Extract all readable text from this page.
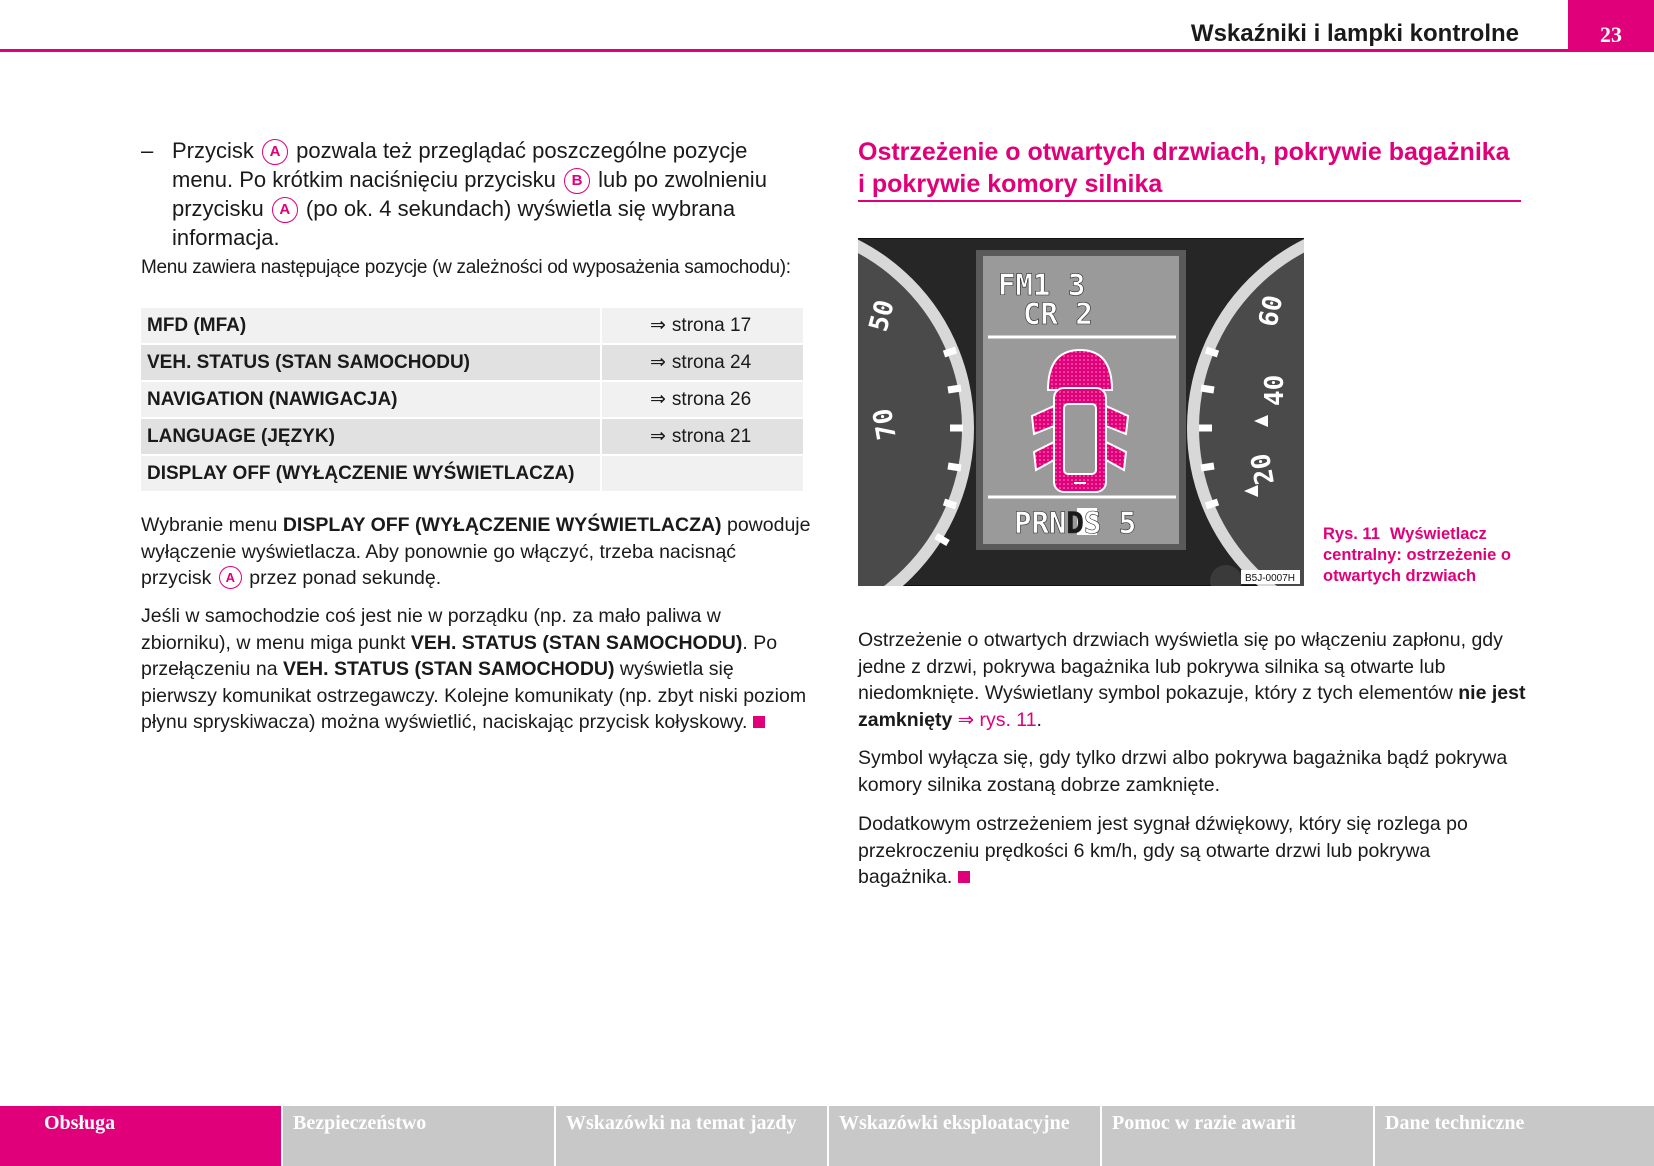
Wskaźniki i lampki kontrolne	23
– Przycisk A pozwala też przeglądać poszczególne pozycje menu. Po krótkim naciśnięciu przycisku B lub po zwolnieniu przycisku A (po ok. 4 sekundach) wyświetla się wybrana informacja.
Menu zawiera następujące pozycje (w zależności od wyposażenia samochodu):
MFD (MFA)	⇒ strona 17
VEH. STATUS (STAN SAMOCHODU)	⇒ strona 24
NAVIGATION (NAWIGACJA)	⇒ strona 26
LANGUAGE (JĘZYK)	⇒ strona 21
DISPLAY OFF (WYŁĄCZENIE WYŚWIETLACZA)	
Wybranie menu DISPLAY OFF (WYŁĄCZENIE WYŚWIETLACZA) powoduje wyłączenie wyświetlacza. Aby ponownie go włączyć, trzeba nacisnąć przycisk A przez ponad sekundę.
Jeśli w samochodzie coś jest nie w porządku (np. za mało paliwa w zbiorniku), w menu miga punkt VEH. STATUS (STAN SAMOCHODU). Po przełączeniu na VEH. STATUS (STAN SAMOCHODU) wyświetla się pierwszy komunikat ostrzegawczy. Kolejne komunikaty (np. zbyt niski poziom płynu spryskiwacza) można wyświetlić, naciskając przycisk kołyskowy.
Ostrzeżenie o otwartych drzwiach, pokrywie bagażnika i pokrywie komory silnika
50
70
60
40
20
FM1 3
CR 2
PRNDS 5
B5J-0007H
Rys. 11 Wyświetlacz centralny: ostrzeżenie o otwartych drzwiach
Ostrzeżenie o otwartych drzwiach wyświetla się po włączeniu zapłonu, gdy jedne z drzwi, pokrywa bagażnika lub pokrywa silnika są otwarte lub niedomknięte. Wyświetlany symbol pokazuje, który z tych elementów nie jest zamknięty ⇒ rys. 11.
Symbol wyłącza się, gdy tylko drzwi albo pokrywa bagażnika bądź pokrywa komory silnika zostaną dobrze zamknięte.
Dodatkowym ostrzeżeniem jest sygnał dźwiękowy, który się rozlega po przekroczeniu prędkości 6 km/h, gdy są otwarte drzwi lub pokrywa bagażnika.
Obsługa	Bezpieczeństwo	Wskazówki na temat jazdy	Wskazówki eksploatacyjne	Pomoc w razie awarii	Dane techniczne
